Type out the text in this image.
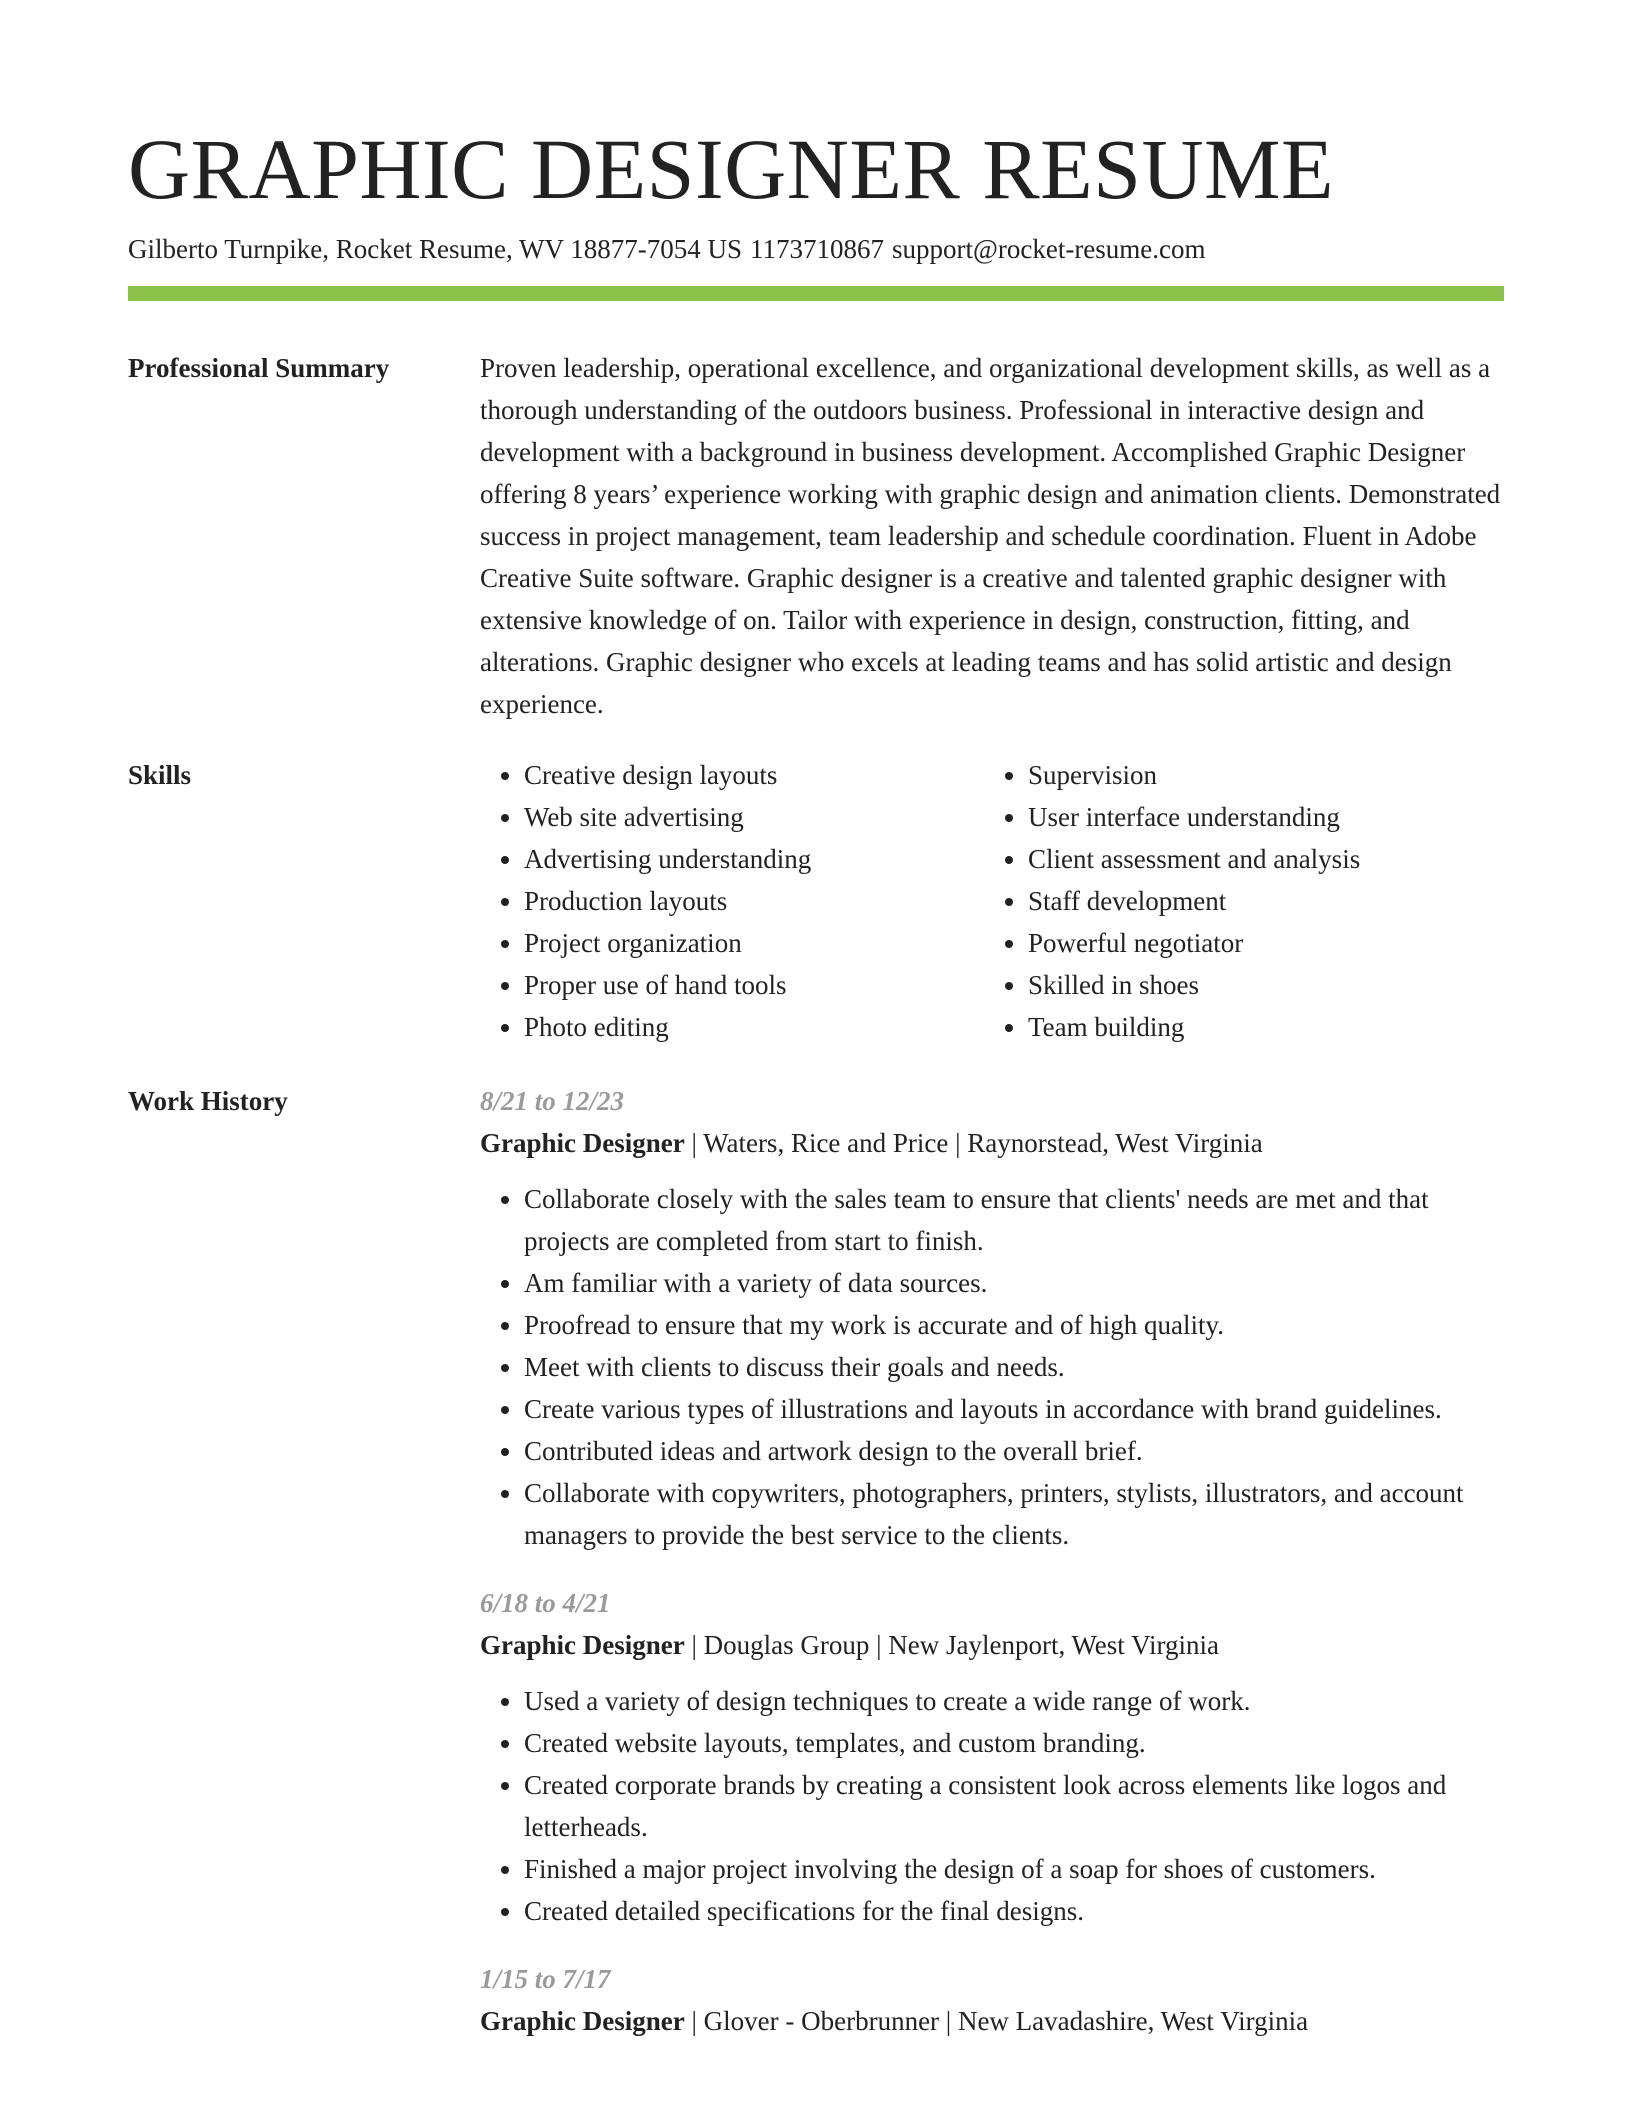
GRAPHIC DESIGNER RESUME
Gilberto Turnpike, Rocket Resume, WV 18877-7054 US 1173710867 support@rocket-resume.com
Professional Summary	Proven leadership, operational excellence, and organizational development skills, as well as a thorough understanding of the outdoors business. Professional in interactive design and development with a background in business development. Accomplished Graphic Designer offering 8 years’ experience working with graphic design and animation clients. Demonstrated success in project management, team leadership and schedule coordination. Fluent in Adobe Creative Suite software. Graphic designer is a creative and talented graphic designer with extensive knowledge of on. Tailor with experience in design, construction, fitting, and alterations. Graphic designer who excels at leading teams and has solid artistic and design experience.

Skills
•	Creative design layouts
• Web site advertising
• Advertising understanding
• Production layouts
• Project organization
• Proper use of hand tools
• Photo editing
• Supervision
• User interface understanding
• Client assessment and analysis
• Staff development
• Powerful negotiator
• Skilled in shoes
• Team building
Work History	8/21 to 12/23
Graphic Designer | Waters, Rice and Price | Raynorstead, West Virginia
• Collaborate closely with the sales team to ensure that clients' needs are met and that projects are completed from start to finish.
• Am familiar with a variety of data sources.
• Proofread to ensure that my work is accurate and of high quality.
• Meet with clients to discuss their goals and needs.
• Create various types of illustrations and layouts in accordance with brand guidelines.
• Contributed ideas and artwork design to the overall brief.
• Collaborate with copywriters, photographers, printers, stylists, illustrators, and account managers to provide the best service to the clients.
6/18 to 4/21
Graphic Designer | Douglas Group | New Jaylenport, West Virginia
• Used a variety of design techniques to create a wide range of work.
• Created website layouts, templates, and custom branding.
• Created corporate brands by creating a consistent look across elements like logos and letterheads.
• Finished a major project involving the design of a soap for shoes of customers.
• Created detailed specifications for the final designs.
1/15 to 7/17
Graphic Designer | Glover - Oberbrunner | New Lavadashire, West Virginia
